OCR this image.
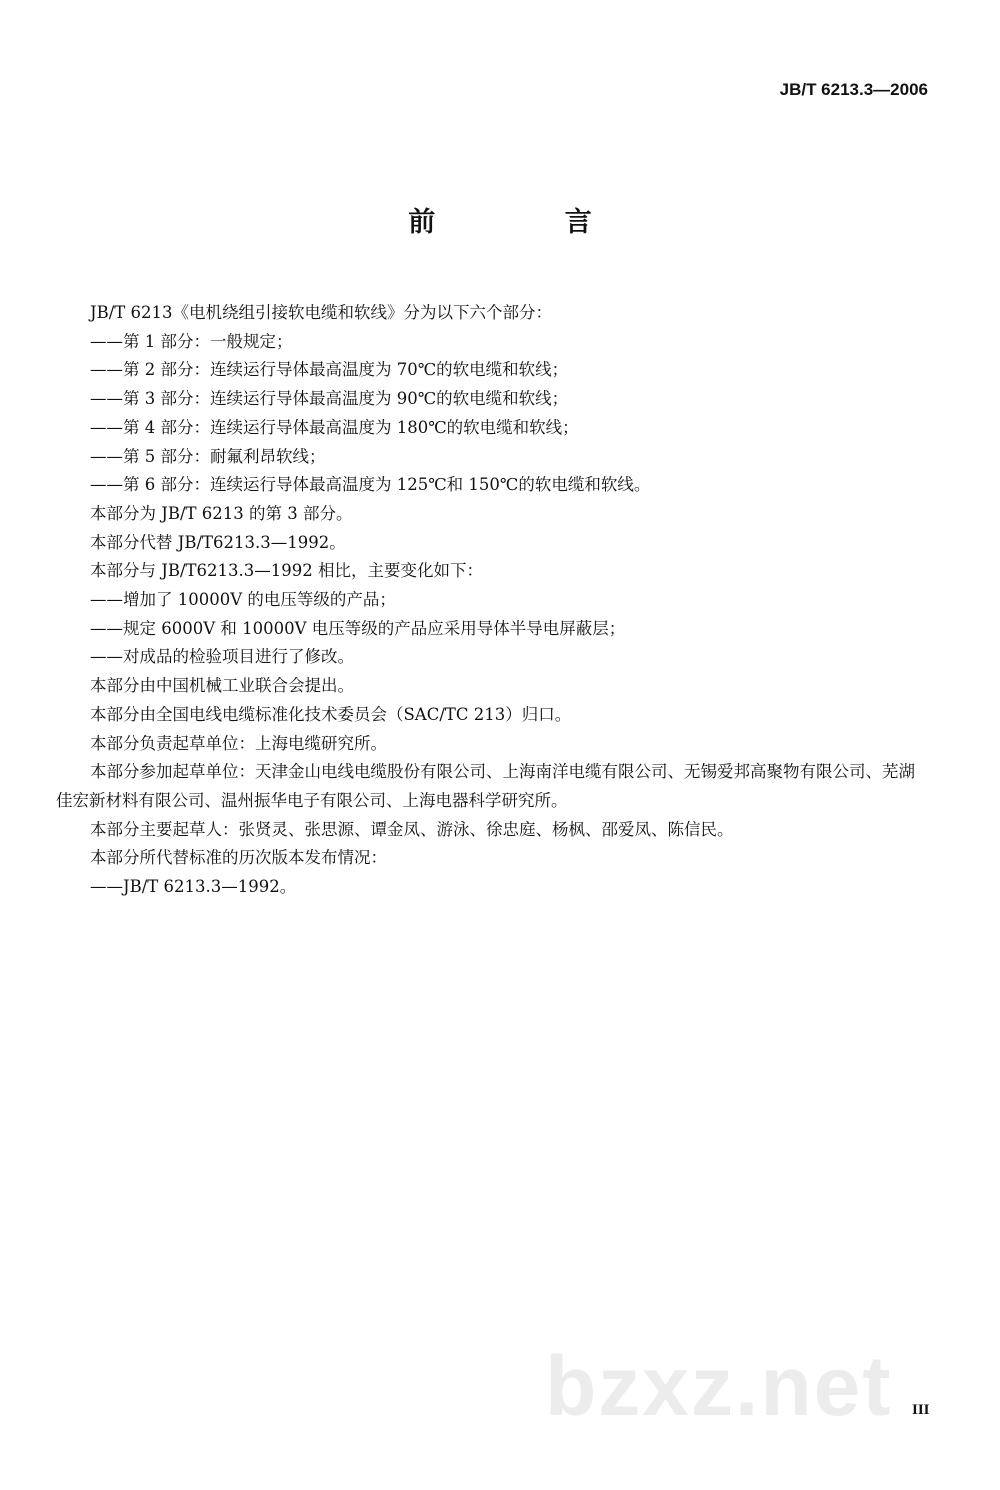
JB/T 6213.3—2006
前 言

JB/T 6213《电机绕组引接软电缆和软线》分为以下六个部分：

——第 1 部分：一般规定；

——第 2 部分：连续运行导体最高温度为 70℃的软电缆和软线；

——第 3 部分：连续运行导体最高温度为 90℃的软电缆和软线；

——第 4 部分：连续运行导体最高温度为 180℃的软电缆和软线；

——第 5 部分：耐氟利昂软线；

——第 6 部分：连续运行导体最高温度为 125℃和 150℃的软电缆和软线。

本部分为 JB/T 6213 的第 3 部分。

本部分代替 JB/T6213.3—1992。

本部分与 JB/T6213.3—1992 相比，主要变化如下：

——增加了 10000V 的电压等级的产品；

——规定 6000V 和 10000V 电压等级的产品应采用导体半导电屏蔽层；

——对成品的检验项目进行了修改。

本部分由中国机械工业联合会提出。

本部分由全国电线电缆标准化技术委员会（SAC/TC 213）归口。

本部分负责起草单位：上海电缆研究所。

本部分参加起草单位：天津金山电线电缆股份有限公司、上海南洋电缆有限公司、无锡爱邦高聚物有限公司、芜湖佳宏新材料有限公司、温州振华电子有限公司、上海电器科学研究所。

本部分主要起草人：张贤灵、张思源、谭金凤、游泳、徐忠庭、杨枫、邵爱凤、陈信民。

本部分所代替标准的历次版本发布情况：

——JB/T 6213.3—1992。

bzxz.net III
